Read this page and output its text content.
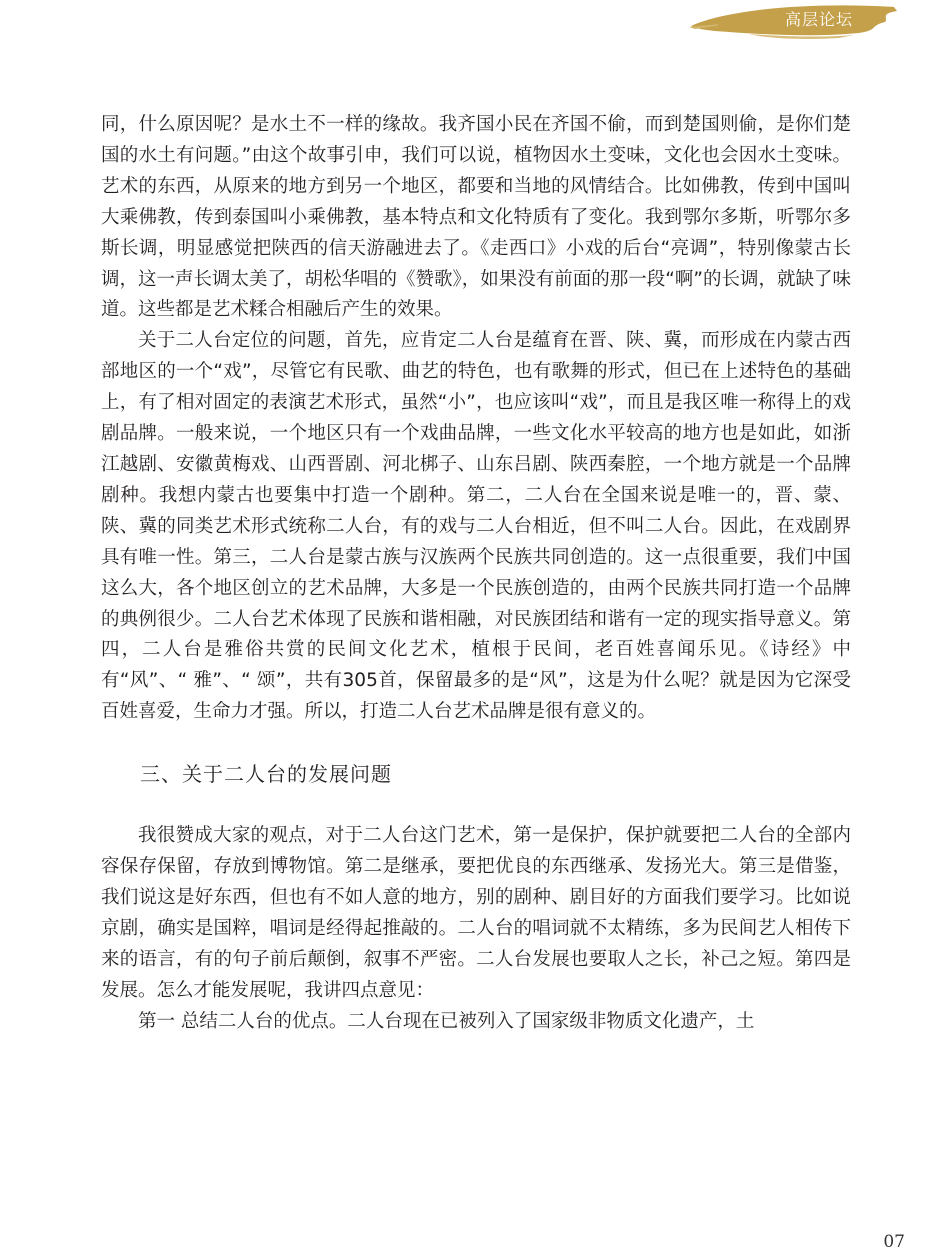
高层论坛

同，什么原因呢？是水土不一样的缘故。我齐国小民在齐国不偷，而到楚国则偷，是你们楚国的水土有问题。”由这个故事引申，我们可以说，植物因水土变味，文化也会因水土变味。艺术的东西，从原来的地方到另一个地区，都要和当地的风情结合。比如佛教，传到中国叫大乘佛教，传到泰国叫小乘佛教，基本特点和文化特质有了变化。我到鄂尔多斯，听鄂尔多斯长调，明显感觉把陕西的信天游融进去了。《走西口》小戏的后台“亮调”，特别像蒙古长调，这一声长调太美了，胡松华唱的《赞歌》，如果没有前面的那一段“啊”的长调，就缺了味道。这些都是艺术糅合相融后产生的效果。

关于二人台定位的问题，首先，应肯定二人台是蕴育在晋、陕、冀，而形成在内蒙古西部地区的一个“戏”，尽管它有民歌、曲艺的特色，也有歌舞的形式，但已在上述特色的基础上，有了相对固定的表演艺术形式，虽然“小”，也应该叫“戏”，而且是我区唯一称得上的戏剧品牌。一般来说，一个地区只有一个戏曲品牌，一些文化水平较高的地方也是如此，如浙江越剧、安徽黄梅戏、山西晋剧、河北梆子、山东吕剧、陕西秦腔，一个地方就是一个品牌剧种。我想内蒙古也要集中打造一个剧种。第二，二人台在全国来说是唯一的，晋、蒙、陕、冀的同类艺术形式统称二人台，有的戏与二人台相近，但不叫二人台。因此，在戏剧界具有唯一性。第三，二人台是蒙古族与汉族两个民族共同创造的。这一点很重要，我们中国这么大，各个地区创立的艺术品牌，大多是一个民族创造的，由两个民族共同打造一个品牌的典例很少。二人台艺术体现了民族和谐相融，对民族团结和谐有一定的现实指导意义。第四，二人台是雅俗共赏的民间文化艺术，植根于民间，老百姓喜闻乐见。《诗经》中有“风”、“ 雅”、“ 颂”，共有305首，保留最多的是“风”，这是为什么呢？就是因为它深受百姓喜爱，生命力才强。所以，打造二人台艺术品牌是很有意义的。

三、关于二人台的发展问题

我很赞成大家的观点，对于二人台这门艺术，第一是保护，保护就要把二人台的全部内容保存保留，存放到博物馆。第二是继承，要把优良的东西继承、发扬光大。第三是借鉴，我们说这是好东西，但也有不如人意的地方，别的剧种、剧目好的方面我们要学习。比如说京剧，确实是国粹，唱词是经得起推敲的。二人台的唱词就不太精练，多为民间艺人相传下来的语言，有的句子前后颠倒，叙事不严密。二人台发展也要取人之长，补己之短。第四是发展。怎么才能发展呢，我讲四点意见：

第一 总结二人台的优点。二人台现在已被列入了国家级非物质文化遗产，土

07
